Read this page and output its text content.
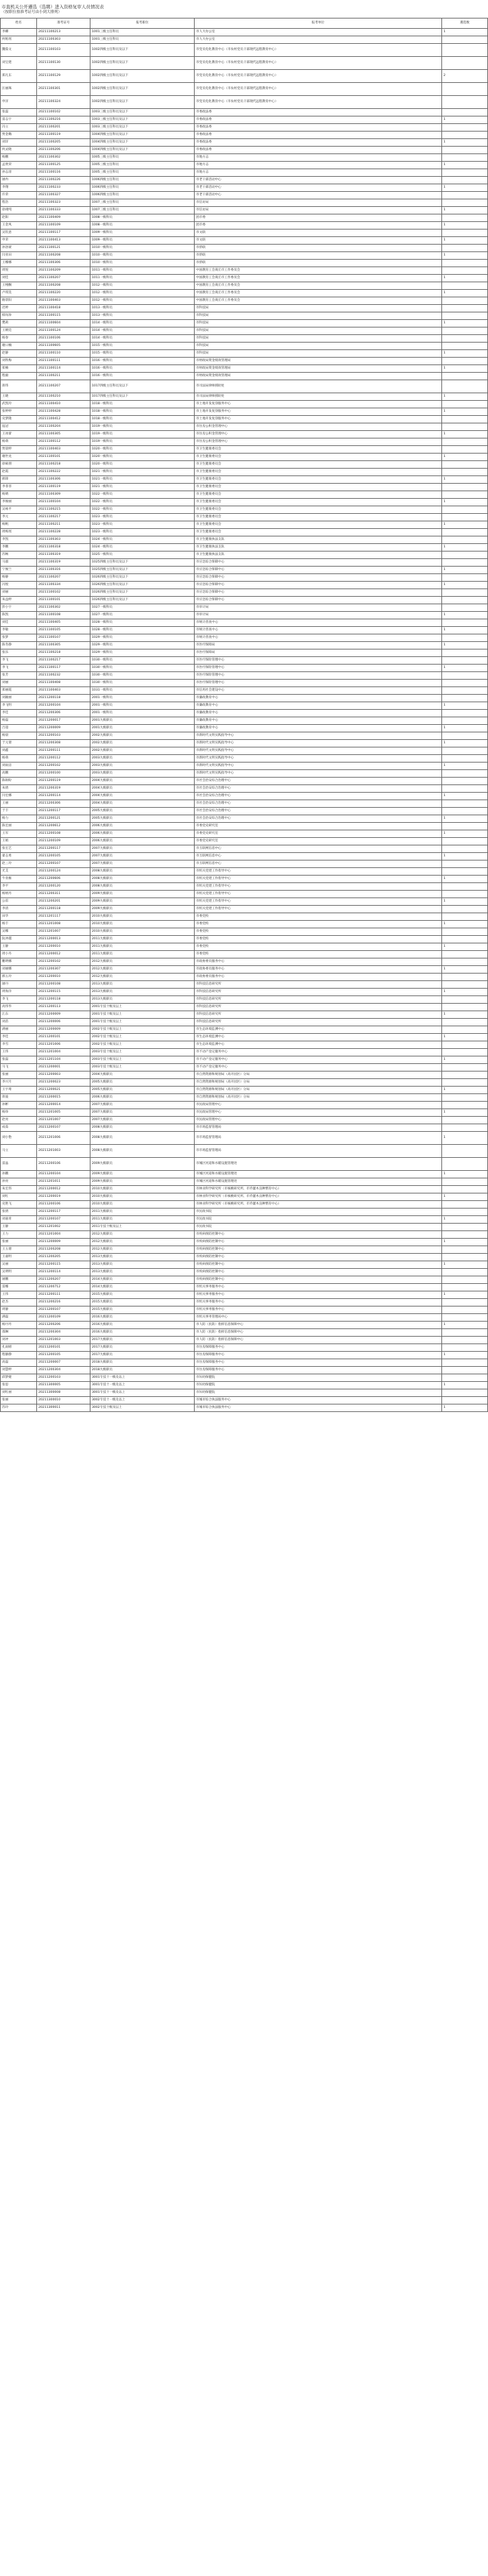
市直机关公开遴选（选聘）进入资格复审人员情况表
（按职位按准考证号由小到大排列）
姓名	准考证号	报考职位	报考单位	遴选数
李卿	20211100213	1001三级主任科员	市人大办公室	1
何帕瑶	20211100303	1001三级主任科员	市人大办公室	
魏茹文	20211100103	1002四级主任科员及以下	市党员电化教育中心（市农村党员干部现代远程教育中心）	
刘宝建	20211100130	1002四级主任科员及以下	市党员电化教育中心（市农村党员干部现代远程教育中心）	
郑凡东	20211100129	1002四级主任科员及以下	市党员电化教育中心（市农村党员干部现代远程教育中心）	2
汪丽珠	20211100301	1002四级主任科员及以下	市党员电化教育中心（市农村党员干部现代远程教育中心）	
申洋	20211100324	1002四级主任科员及以下	市党员电化教育中心（市农村党员干部现代远程教育中心）	
张磊	20211100102	1003三级主任科员及以下	市委政法委	
雷志宇	20211100216	1003三级主任科员及以下	市委政法委	1
冯立	20211100201	1003三级主任科员及以下	市委政法委	
贾金璐	20211100119	1004四级主任科员及以下	市委政法委	
刘洋	20211100205	1004四级主任科员及以下	市委政法委	1
何灵晓	20211100206	1004四级主任科员及以下	市委政法委	
杨鹏	20211100302	1005三级主任科员	市地方志	
孟欣荣	20211100125	1005三级主任科员	市地方志	1
孙志清	20211100116	1005三级主任科员	市地方志	
屠冉	20211100226	1006四级主任科员	市老干部活动中心	
李翔	20211100233	1006四级主任科员	市老干部活动中心	1
许荣	20211100327	1006四级主任科员	市老干部活动中心	
程浩	20211100323	1007三级主任科员	市信访局	
徐翊纯	20211100333	1007三级主任科员	市信访局	1
赵阳	20211100409	1008一级科员	团市委	
王金凤	20211100109	1008一级科员	团市委	1
吴钦意	20211100117	1009一级科员	市文联	
申荣	20211100413	1009一级科员	市文联	1
孙洛蒙	20211100121	1010一级科员	市侨联	
闫亚田	20211100208	1010一级科员	市侨联	1
王娜娜	20211100306	1010一级科员	市侨联	
周悦	20211100209	1011一级科员	中国教育工会商丘市工作委员会	
刘佳	20211100207	1011一级科员	中国教育工会商丘市工作委员会	1
王栩酮	20211100208	1012一级科员	中国教育工会商丘市工作委员会	
卢琪昊	20211100220	1012一级科员	中国教育工会商丘市工作委员会	1
路景阳	20211100403	1012一级科员	中国教育工会商丘市工作委员会	
迟婷	20211100418	1013一级科员	市科技局	
韩岚珍	20211100115	1013一级科员	市科技局	
樊莉	20211100604	1014一级科员	市科技局	1
王朝廷	20211100124	1014一级科员	市科技局	
杨春	20211100106	1014一级科员	市科技局	
谢日楠	20211100605	1015一级科员	市科技局	
赵静	20211100110	1015一级科员	市科技局	1
刘铁梅	20211100111	1016一级科员	市财政局资金绩效管理局	
崔楠	20211100114	1016一级科员	市财政局资金绩效管理局	1
程毅	20211100211	1016一级科员	市财政局资金绩效管理局	
蒋伟	20211100207	1017四级主任科员及以下	市司法局律师援助处	
王晓	20211100210	1017四级主任科员及以下	市司法局律师援助处	1
武凯玲	20211100410	1018一级科员	市土地开发复垦服务中心	
张婷婷	20211100428	1018一级科员	市土地开发复垦服务中心	1
史梦隆	20211100412	1018一级科员	市土地开发复垦服务中心	
寇冠	20211100204	1019一级科员	市住房公积金管理中心	
王冰蕾	20211100305	1019一级科员	市住房公积金管理中心	1
杨萌	20211100112	1019一级科员	市住房公积金管理中心	
贾晨婷	20211100403	1020一级科员	市卫生健康委员会	
谢世龙	20211100101	1020一级科员	市卫生健康委员会	1
徐硕朋	20211100218	1020一级科员	市卫生健康委员会	
赵霞	20211100222	1021一级科员	市卫生健康委员会	
郝锋	20211100306	1021一级科员	市卫生健康委员会	1
李菲菲	20211100119	1021一级科员	市卫生健康委员会	
杨婧	20211100309	1022一级科员	市卫生健康委员会	
李俊丽	20211100104	1022一级科员	市卫生健康委员会	1
吴咏平	20211100215	1022一级科员	市卫生健康委员会	
李元	20211100217	1023一级科员	市卫生健康委员会	
杨帆	20211100211	1023一级科员	市卫生健康委员会	1
周梅瑶	20211100228	1023一级科员	市卫生健康委员会	
李凯	20211100303	1024一级科员	市卫生健康执法支队	
李鹏	20211100318	1024一级科员	市卫生健康执法支队	1
苏畅	20211100319	1025一级科员	市卫生健康执法支队	
马淑	20211100319	1025四级主任科员及以下	市应急综合保障中心	
宁俊兰	20211100316	1025四级主任科员及以下	市应急综合保障中心	1
杨静	20211100207	1026四级主任科员及以下	市应急综合保障中心	
冯悦	20211100334	1026四级主任科员及以下	市应急综合保障中心	1
刘丽	20211100102	1026四级主任科员及以下	市应急综合保障中心	
朱益婷	20211100101	1026四级主任科员及以下	市应急综合保障中心	
彭小宇	20211100302	1027一级科员	市审计局	
陈凯	20211100108	1027一级科员	市审计局	1
刘佳	20211100405	1028一级科员	市统计普查中心	
李敏	20211100105	1028一级科员	市统计普查中心	1
张梦	20211100107	1029一级科员	市统计普查中心	
陈冬静	20211100305	1029一级科员	市医疗保障局	1
张乐	20211100218	1029一级科员	市医疗保障局	
李飞	20211100217	1030一级科员	市医疗保险管理中心	
李飞	20211100117	1030一级科员	市医疗保险管理中心	1
张芳	20211100232	1030一级科员	市医疗保险管理中心	
刘丽	20211100408	1030一级科员	市医疗保险管理中心	
郑丽霞	20211100403	1031一级科员	市信用社会建设中心	
刘颖丽	20211200118	2001一级科员	市廉政教育中心	
李飞明	20211200104	2001一级科员	市廉政教育中心	1
李佳	20211200306	2001一级科员	市廉政教育中心	
杨磊	20211200017	2001九级职员	市廉政教育中心	
吕超	20211200009	2001九级职员	市廉政教育中心	1
杨晨	20211200103	2002九级职员	市新时代文明实践指导中心	
于元倩	20211200308	2002九级职员	市新时代文明实践指导中心	1
刘鑫	20211200111	2002九级职员	市新时代文明实践指导中心	
杨萌	20211200112	2003九级职员	市新时代文明实践指导中心	
刘雨洁	20211200102	2003九级职员	市新时代文明实践指导中心	1
高鹏	20211200100	2003九级职员	市新时代文明实践指导中心	
陈盼盼	20211200119	2004九级职员	市社会治安综合治理中心	
朱倩	20211200319	2004九级职员	市社会治安综合治理中心	
闫宏娜	20211200114	2004九级职员	市社会治安综合治理中心	1
王丽	20211200306	2004九级职员	市社会治安综合治理中心	
于丰	20211200117	2005九级职员	市社会治安综合治理中心	
杨力	20211200121	2005九级职员	市社会治安综合治理中心	1
陈宏丽	20211200612	2006九级职员	市委党史研究室	
王军	20211200108	2006九级职员	市委党史研究室	1
王娟	20211200109	2006九级职员	市委党史研究室	
张宏艺	20211200117	2007九级职员	市互联网信息中心	
翟志勇	20211200105	2007九级职员	市互联网信息中心	1
赵三玲	20211200107	2007九级职员	市互联网信息中心	
光艾	20211200124	2008九级职员	市机关党建工作指导中心	
牛业雁	20211200606	2008九级职员	市机关党建工作指导中心	1
李平	20211200120	2008九级职员	市机关党建工作指导中心	
杨炳丹	20211200311	2009九级职员	市机关党建工作指导中心	
公雷	20211200201	2009九级职员	市机关党建工作指导中心	1
李清	20211200118	2009九级职员	市机关党建工作指导中心	
田华	20211201117	2010九级职员	市委党校	
杨丰	20211201008	2010九级职员	市委党校	1
吴娜	20211201007	2010九级职员	市委党校	
阮冲越	20211200013	2011九级职员	市委党校	
王静	20211200010	2011九级职员	市委党校	1
周小丹	20211200012	2011九级职员	市委党校	
鹏明娜	20211200102	2012九级职员	市政协委员服务中心	
刘丽娜	20211200307	2012九级职员	市政协委员服务中心	1
郝玉玲	20211200010	2012九级职员	市政协委员服务中心	
屠丹	20211200108	2013九级职员	市科技信息研究所	
周海洋	20211200115	2013九级职员	市科技信息研究所	1
李飞	20211200118	2013九级职员	市科技信息研究所	
高伟华	20211200113	2001专技十级及以上	市科技信息研究所	
江东	20211200009	2001专技十级及以上	市科技信息研究所	1
刘苗	20211200006	2001专技十级及以上	市科技信息研究所	
满丽	20211200009	2002专技十级及以上	市生态环境监测中心	
李佳	20211200101	2002专技十级及以上	市生态环境监测中心	1
李雪	20211201006	2002专技十级及以上	市生态环境监测中心	
王伟	20211201004	2003专技十级及以上	市不动产登记服务中心	
张磊	20211201104	2003专技十级及以上	市不动产登记服务中心	1
马飞	20211200001	2003专技十级及以上	市不动产登记服务中心	
张丽	20211200003	2004九级职员	市自然资源和规划局（高开园区）分局	
李兴月	20211200023	2005九级职员	市自然资源和规划局（高开园区）分局	
王宇琦	20211200021	2005九级职员	市自然资源和规划局（高开园区）分局	1
蒋波	20211200015	2006九级职员	市自然资源和规划局（高开园区）分局	
孙彬	20211200014	2007九级职员	市民政局管理中心	
杨珍	20211201005	2007九级职员	市民政局管理中心	1
赵亮	20211201007	2007九级职员	市民政局管理中心	
成茹	20211200107	2008九级职员	市市场监督管理局	
刘小艳	20211201006	2008九级职员	市市场监督管理局	1
马立	20211201003	2008九级职员	市市场监督管理局	
雷晶	20211200106	2009九级职员	市城区河道和水暖设施管理处	
孙鹏	20211200104	2009九级职员	市城区河道和水暖设施管理处	1
孙亮	20211201011	2009九级职员	市城区河道和水暖设施管理处	
朱宏伟	20211200012	2010九级职员	市林业科学研究所（市核桃研究所、市乔灌木良种繁育中心）	
刘红	20211200019	2010九级职员	市林业科学研究所（市核桃研究所、市乔灌木良种繁育中心）	1
史艳飞	20211200106	2010九级职员	市林业科学研究所（市核桃研究所、市乔灌木良种繁育中心）	
张倩	20211200117	2011九级职员	市民政书院	
刘嘉青	20211200107	2011九级职员	市民政书院	1
王静	20211201002	2011专技十级及以上	市民政书院	
王力	20211201004	2012九级职员	市疾病预防控制中心	
张丽	20211200009	2012九级职员	市疾病预防控制中心	1
王玉倩	20211200208	2012九级职员	市疾病预防控制中心	
王嘉明	20211200205	2013九级职员	市疾病预防控制中心	
吴丽	20211200115	2013九级职员	市疾病预防控制中心	1
吴明明	20211200114	2013九级职员	市疾病预防控制中心	
屠鹏	20211200207	2014九级职员	市疾病预防控制中心	
雷娜	20211200712	2014九级职员	市机关事务服务中心	
王伟	20211200111	2015九级职员	市机关事务服务中心	1
赵杰	20211200216	2015九级职员	市机关事务服务中心	
周静	20211200107	2015九级职员	市机关事务服务中心	
满磊	20211200109	2016九级职员	市机关事务管理局中心	
杨丹丹	20211200206	2016九级职员	市人防（民防）指挥信息保障中心	1
邵琳	20211200304	2016九级职员	市人防（民防）指挥信息保障中心	
刘冲	20211201003	2017九级职员	市人防（民防）指挥信息保障中心	
孔雨晴	20211200101	2017九级职员	市住房保障服务中心	
程静静	20211200105	2017九级职员	市住房保障服务中心	1
高磊	20211200007	2018九级职员	市住房保障服务中心	
刘慧婷	20211200304	2018九级职员	市住房保障服务中心	
邱梦婕	20211200103	3001专技十一级及以上	市妇幼保健院	
张思	20211300005	3001专技十一级及以上	市妇幼保健院	1
刘红丽	20211300008	3001专技十一级及以上	市妇幼保健院	
张丽	20211300010	3002专技十一级及以上	市城市综合执法服务中心	
苏玲	20211300011	3002专技十级及以上	市城市综合执法服务中心	1
